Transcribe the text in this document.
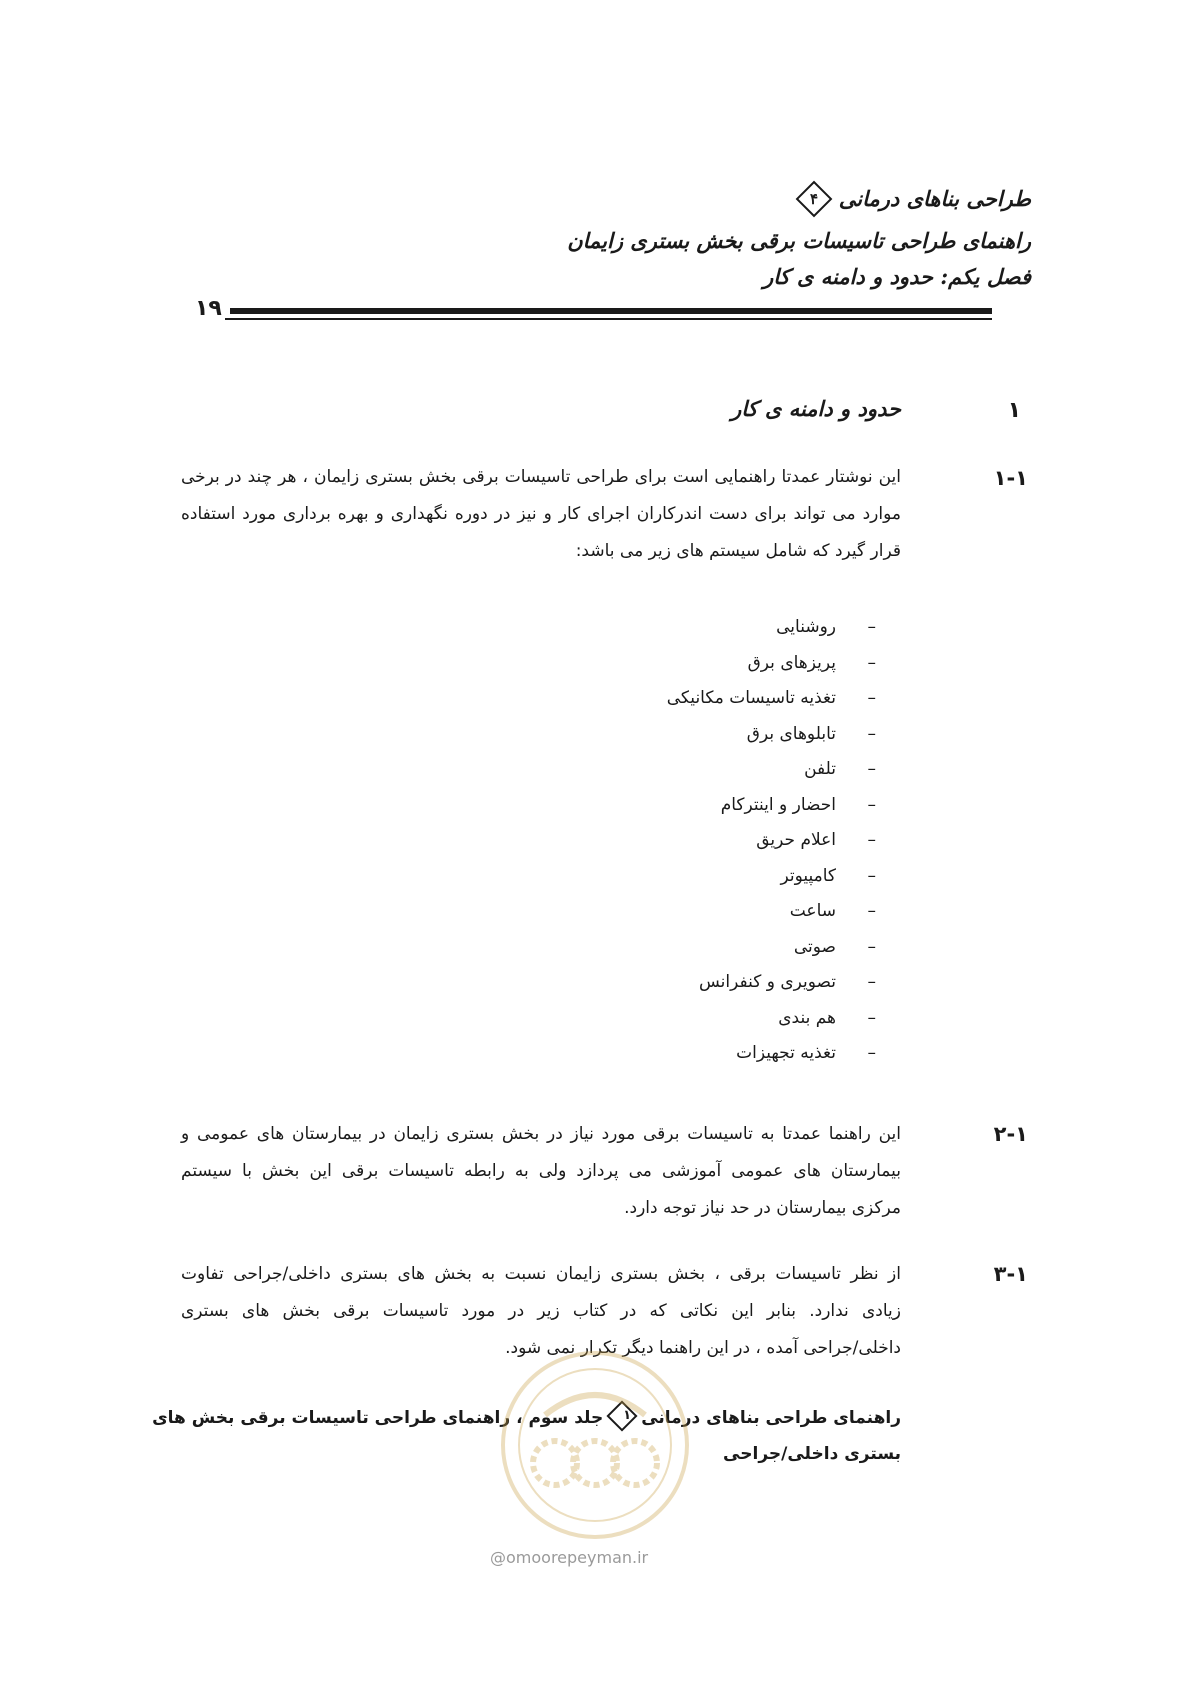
طراحی بناهای درمانی
۴
راهنمای طراحی تاسیسات برقی بخش بستری زایمان
فصل یکم: حدود و دامنه ی کار
۱۹
۱
حدود و دامنه ی کار
۱-۱
این نوشتار عمدتا راهنمایی است برای طراحی تاسیسات برقی بخش بستری زایمان ، هر چند در برخی
موارد می تواند برای دست اندرکاران اجرای کار و نیز در دوره نگهداری و بهره برداری مورد استفاده
قرار گیرد که شامل سیستم های زیر می باشد:
–
روشنایی
–
پریزهای برق
–
تغذیه تاسیسات مکانیکی
–
تابلوهای برق
–
تلفن
–
احضار و اینترکام
–
اعلام حریق
–
کامپیوتر
–
ساعت
–
صوتی
–
تصویری و کنفرانس
–
هم بندی
–
تغذیه تجهیزات
۲-۱
این راهنما عمدتا به تاسیسات برقی مورد نیاز در بخش بستری زایمان در بیمارستان های عمومی و
بیمارستان های عمومی آموزشی می پردازد ولی به رابطه تاسیسات برقی این بخش با سیستم
مرکزی بیمارستان در حد نیاز توجه دارد.
۳-۱
از نظر تاسیسات برقی ، بخش بستری زایمان نسبت به بخش های بستری داخلی/جراحی تفاوت
زیادی ندارد. بنابر این نکاتی که در کتاب زیر در مورد تاسیسات برقی بخش های بستری
داخلی/جراحی آمده ، در این راهنما دیگر تکرار نمی شود.
راهنمای طراحی بناهای درمانی
۱
جلد سوم ، راهنمای طراحی تاسیسات برقی بخش های
بستری داخلی/جراحی
@omoorepeyman.ir
